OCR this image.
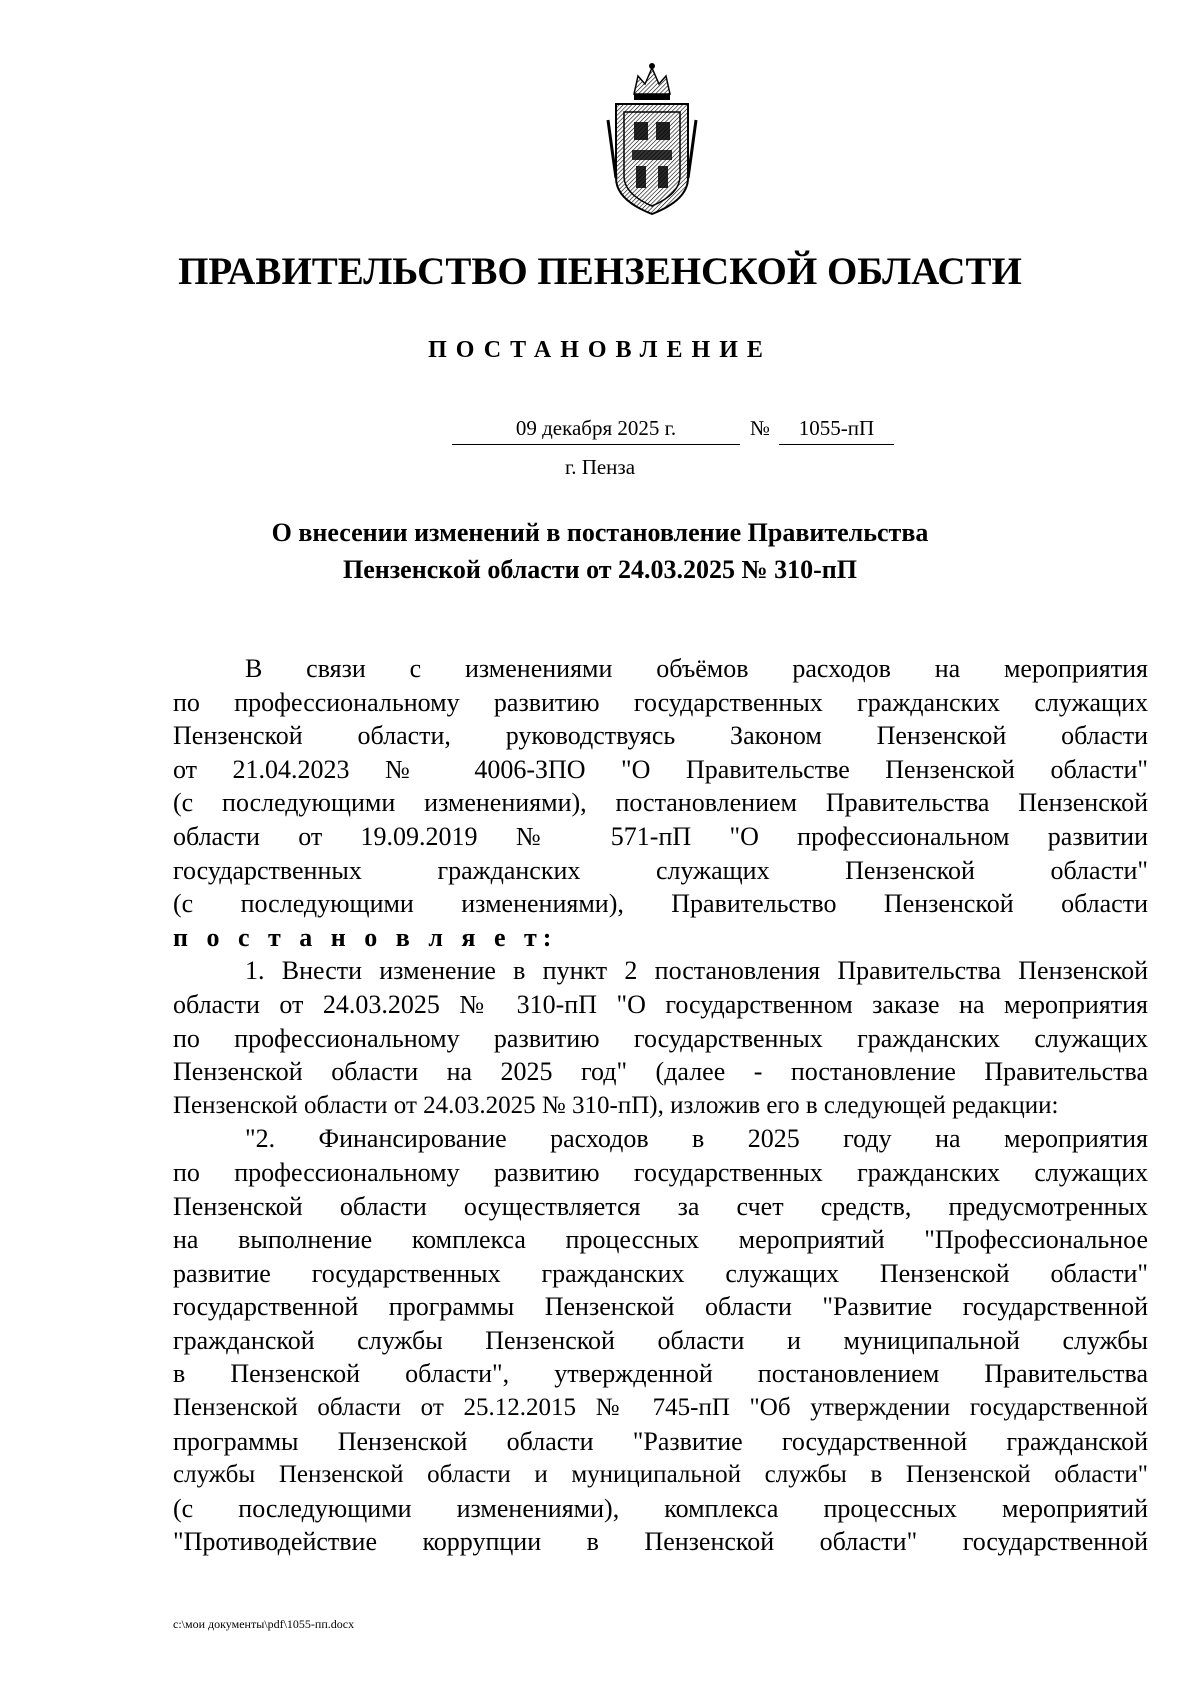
ПРАВИТЕЛЬСТВО ПЕНЗЕНСКОЙ ОБЛАСТИ
ПОСТАНОВЛЕНИЕ
09 декабря 2025 г.	№	1055-пП
г. Пенза
О внесении изменений в постановление Правительства
Пензенской области от 24.03.2025 № 310-пП
В связи с изменениями объёмов расходов на мероприятия
по профессиональному развитию государственных гражданских служащих
Пензенской области, руководствуясь Законом Пензенской области
от 21.04.2023 № 4006-ЗПО "О Правительстве Пензенской области"
(с последующими изменениями), постановлением Правительства Пензенской
области от 19.09.2019 № 571-пП "О профессиональном развитии
государственных гражданских служащих Пензенской области"
(с последующими изменениями), Правительство Пензенской области
п о с т а н о в л я е т:
1. Внести изменение в пункт 2 постановления Правительства Пензенской
области от 24.03.2025 № 310-пП "О государственном заказе на мероприятия
по профессиональному развитию государственных гражданских служащих
Пензенской области на 2025 год" (далее - постановление Правительства
Пензенской области от 24.03.2025 № 310-пП), изложив его в следующей редакции:
"2. Финансирование расходов в 2025 году на мероприятия
по профессиональному развитию государственных гражданских служащих
Пензенской области осуществляется за счет средств, предусмотренных
на выполнение комплекса процессных мероприятий "Профессиональное
развитие государственных гражданских служащих Пензенской области"
государственной программы Пензенской области "Развитие государственной
гражданской службы Пензенской области и муниципальной службы
в Пензенской области", утвержденной постановлением Правительства
Пензенской области от 25.12.2015 № 745-пП "Об утверждении государственной
программы Пензенской области "Развитие государственной гражданской
службы Пензенской области и муниципальной службы в Пензенской области"
(с последующими изменениями), комплекса процессных мероприятий
"Противодействие коррупции в Пензенской области" государственной
c:\мои документы\pdf\1055-пп.docx
